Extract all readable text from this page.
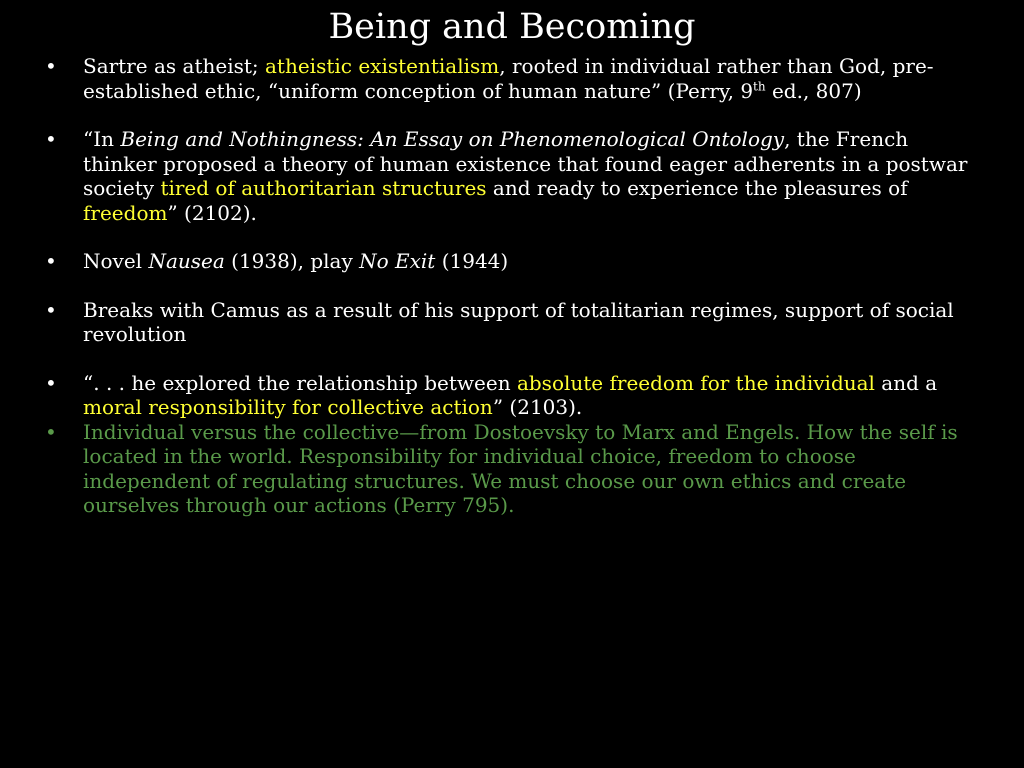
Being and Becoming
• Sartre as atheist; atheistic existentialism, rooted in individual rather than God, pre-established ethic, “uniform conception of human nature” (Perry, 9th ed., 807)
• “In Being and Nothingness: An Essay on Phenomenological Ontology, the French thinker proposed a theory of human existence that found eager adherents in a postwar society tired of authoritarian structures and ready to experience the pleasures of freedom” (2102).
• Novel Nausea (1938), play No Exit (1944)
• Breaks with Camus as a result of his support of totalitarian regimes, support of social revolution
• “. . . he explored the relationship between absolute freedom for the individual and a moral responsibility for collective action” (2103).
• Individual versus the collective—from Dostoevsky to Marx and Engels. How the self is located in the world. Responsibility for individual choice, freedom to choose independent of regulating structures. We must choose our own ethics and create ourselves through our actions (Perry 795).
